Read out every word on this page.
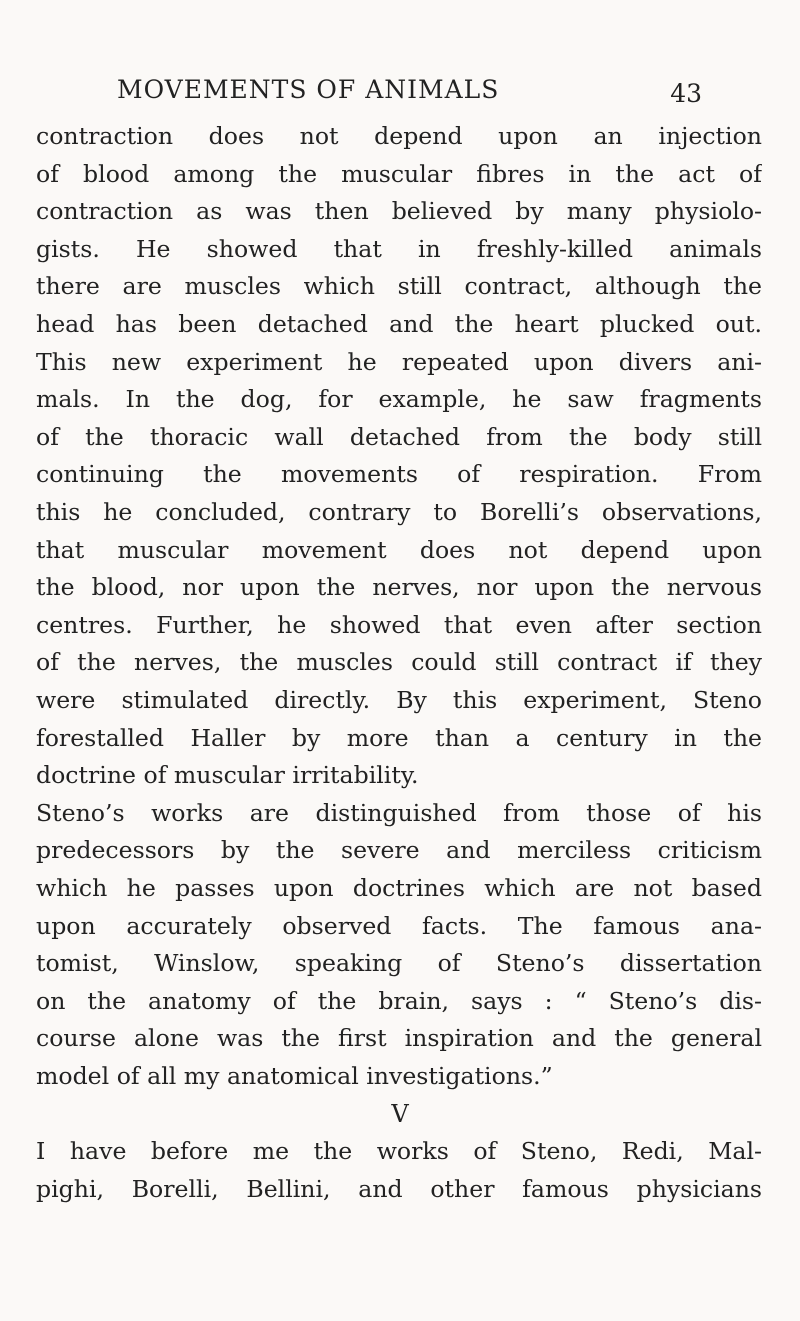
MOVEMENTS OF ANIMALS	43
contraction does not depend upon an injection
of blood among the muscular fibres in the act of
contraction as was then believed by many physiolo-
gists. He showed that in freshly-killed animals
there are muscles which still contract, although the
head has been detached and the heart plucked out.
This new experiment he repeated upon divers ani-
mals. In the dog, for example, he saw fragments
of the thoracic wall detached from the body still
continuing the movements of respiration. From
this he concluded, contrary to Borelli’s observations,
that muscular movement does not depend upon
the blood, nor upon the nerves, nor upon the nervous
centres. Further, he showed that even after section
of the nerves, the muscles could still contract if they
were stimulated directly. By this experiment, Steno
forestalled Haller by more than a century in the
doctrine of muscular irritability.
Steno’s works are distinguished from those of his
predecessors by the severe and merciless criticism
which he passes upon doctrines which are not based
upon accurately observed facts. The famous ana-
tomist, Winslow, speaking of Steno’s dissertation
on the anatomy of the brain, says : “ Steno’s dis-
course alone was the first inspiration and the general
model of all my anatomical investigations.”
V
I have before me the works of Steno, Redi, Mal-
pighi, Borelli, Bellini, and other famous physicians
